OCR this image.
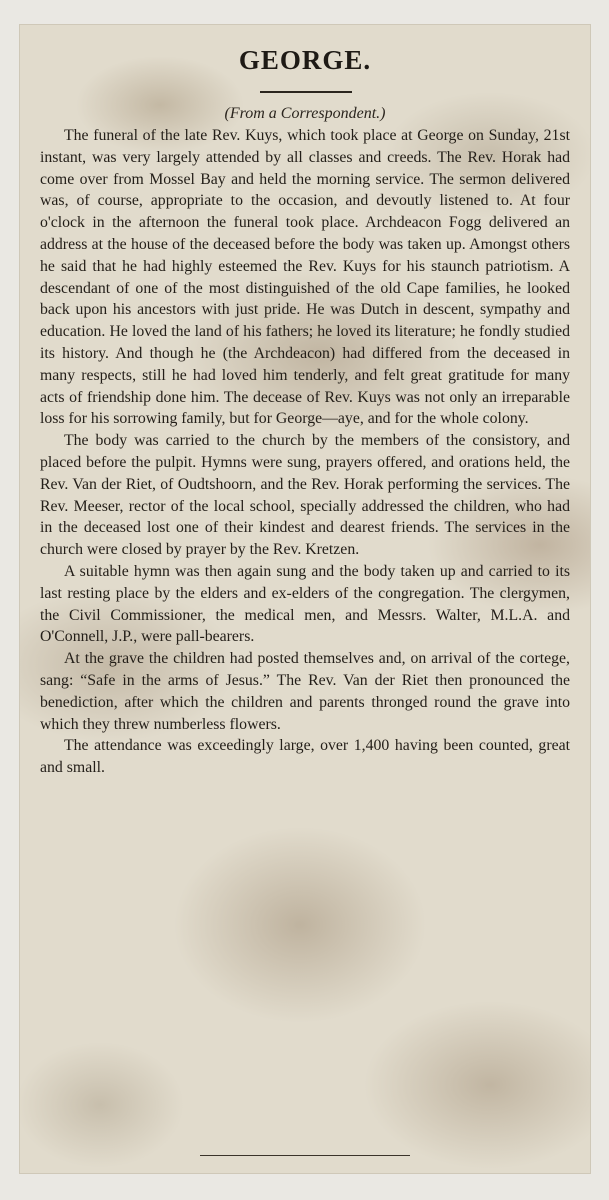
GEORGE.
(From a Correspondent.)

The funeral of the late Rev. Kuys, which took place at George on Sunday, 21st instant, was very largely attended by all classes and creeds. The Rev. Horak had come over from Mossel Bay and held the morning service. The sermon delivered was, of course, appropriate to the occasion, and devoutly listened to. At four o'clock in the afternoon the funeral took place. Archdeacon Fogg delivered an address at the house of the deceased before the body was taken up. Amongst others he said that he had highly esteemed the Rev. Kuys for his staunch patriotism. A descendant of one of the most distinguished of the old Cape families, he looked back upon his ancestors with just pride. He was Dutch in descent, sympathy and education. He loved the land of his fathers; he loved its literature; he fondly studied its history. And though he (the Archdeacon) had differed from the deceased in many respects, still he had loved him tenderly, and felt great gratitude for many acts of friendship done him. The decease of Rev. Kuys was not only an irreparable loss for his sorrowing family, but for George—aye, and for the whole colony.

The body was carried to the church by the members of the consistory, and placed before the pulpit. Hymns were sung, prayers offered, and orations held, the Rev. Van der Riet, of Oudtshoorn, and the Rev. Horak performing the services. The Rev. Meeser, rector of the local school, specially addressed the children, who had in the deceased lost one of their kindest and dearest friends. The services in the church were closed by prayer by the Rev. Kretzen.

A suitable hymn was then again sung and the body taken up and carried to its last resting place by the elders and ex-elders of the congregation. The clergymen, the Civil Commissioner, the medical men, and Messrs. Walter, M.L.A. and O'Connell, J.P., were pall-bearers.

At the grave the children had posted themselves and, on arrival of the cortege, sang: “Safe in the arms of Jesus.” The Rev. Van der Riet then pronounced the benediction, after which the children and parents thronged round the grave into which they threw numberless flowers.

The attendance was exceedingly large, over 1,400 having been counted, great and small.
